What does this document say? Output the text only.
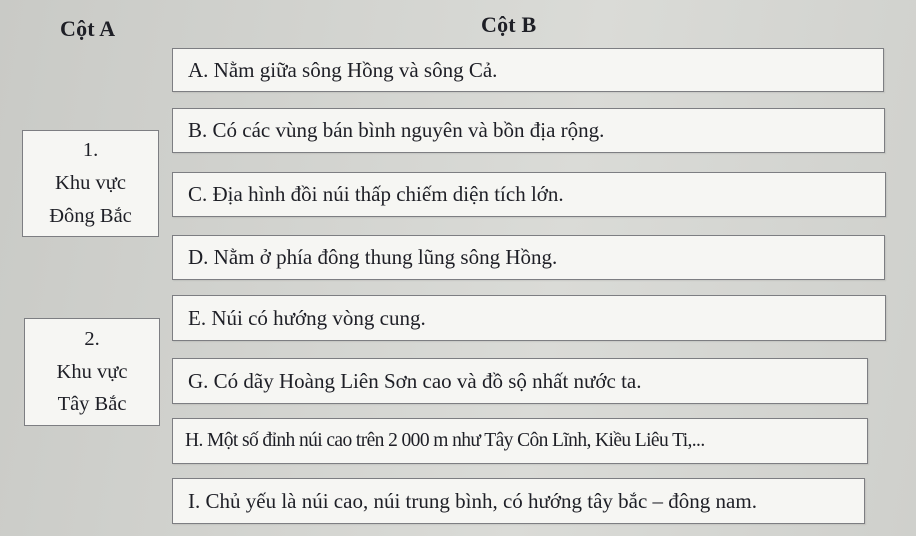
Cột A	Cột B
1.
Khu vực
Đông Bắc
2.
Khu vực
Tây Bắc
A. Nằm giữa sông Hồng và sông Cả.
B. Có các vùng bán bình nguyên và bồn địa rộng.
C. Địa hình đồi núi thấp chiếm diện tích lớn.
D. Nằm ở phía đông thung lũng sông Hồng.
E. Núi có hướng vòng cung.
G. Có dãy Hoàng Liên Sơn cao và đồ sộ nhất nước ta.
H. Một số đỉnh núi cao trên 2 000 m như Tây Côn Lĩnh, Kiều Liêu Ti,...
I. Chủ yếu là núi cao, núi trung bình, có hướng tây bắc – đông nam.
